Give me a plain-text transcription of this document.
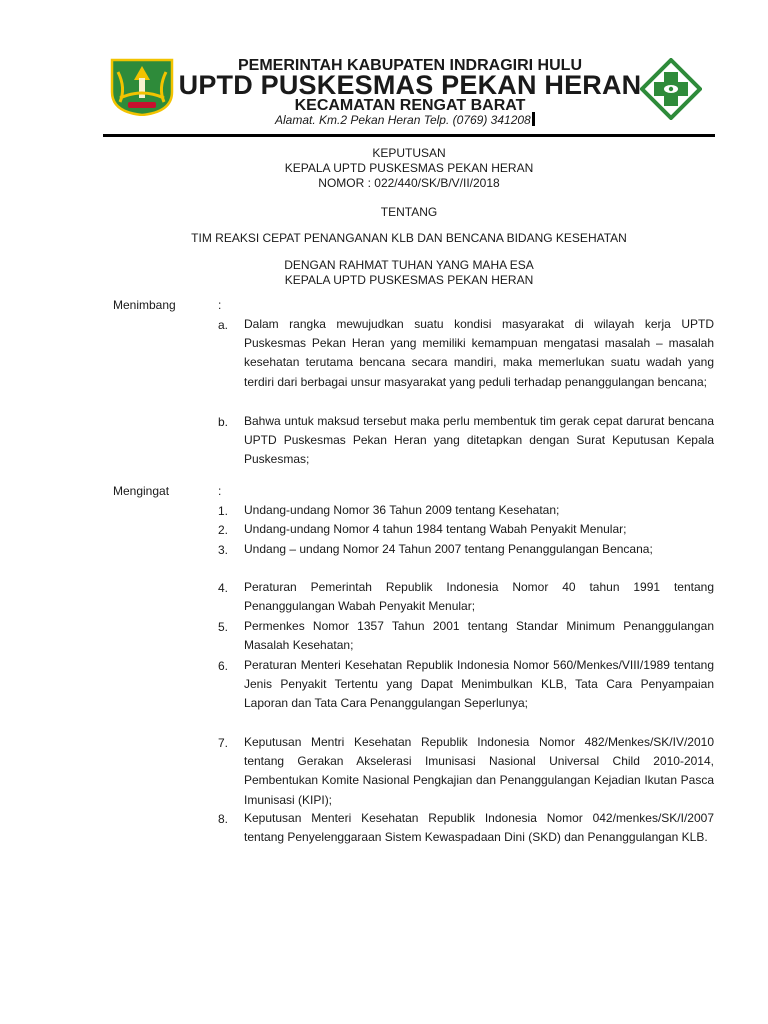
PEMERINTAH KABUPATEN INDRAGIRI HULU
UPTD PUSKESMAS PEKAN HERAN
KECAMATAN RENGAT BARAT
Alamat. Km.2 Pekan Heran Telp. (0769) 341208
KEPUTUSAN
KEPALA UPTD PUSKESMAS PEKAN HERAN
NOMOR : 022/440/SK/B/V/II/2018
TENTANG
TIM REAKSI CEPAT PENANGANAN KLB DAN BENCANA BIDANG KESEHATAN
DENGAN RAHMAT TUHAN YANG MAHA ESA
KEPALA UPTD PUSKESMAS PEKAN HERAN
Menimbang	:
a. Dalam rangka mewujudkan suatu kondisi masyarakat di wilayah kerja UPTD Puskesmas Pekan Heran yang memiliki kemampuan mengatasi masalah – masalah kesehatan terutama bencana secara mandiri, maka memerlukan suatu wadah yang terdiri dari berbagai unsur masyarakat yang peduli terhadap penanggulangan bencana;
b. Bahwa untuk maksud tersebut maka perlu membentuk tim gerak cepat darurat bencana UPTD Puskesmas Pekan Heran yang ditetapkan dengan Surat Keputusan Kepala Puskesmas;
Mengingat	:
1. Undang-undang Nomor 36 Tahun 2009 tentang Kesehatan;
2. Undang-undang Nomor 4 tahun 1984 tentang Wabah Penyakit Menular;
3. Undang – undang Nomor 24 Tahun 2007 tentang Penanggulangan Bencana;
4. Peraturan Pemerintah Republik Indonesia Nomor 40 tahun 1991 tentang Penanggulangan Wabah Penyakit Menular;
5. Permenkes Nomor 1357 Tahun 2001 tentang Standar Minimum Penanggulangan Masalah Kesehatan;
6. Peraturan Menteri Kesehatan Republik Indonesia Nomor 560/Menkes/VIII/1989 tentang Jenis Penyakit Tertentu yang Dapat Menimbulkan KLB, Tata Cara Penyampaian Laporan dan Tata Cara Penanggulangan Seperlunya;
7. Keputusan Mentri Kesehatan Republik Indonesia Nomor 482/Menkes/SK/IV/2010 tentang Gerakan Akselerasi Imunisasi Nasional Universal Child 2010-2014, Pembentukan Komite Nasional Pengkajian dan Penanggulangan Kejadian Ikutan Pasca Imunisasi (KIPI);
8. Keputusan Menteri Kesehatan Republik Indonesia Nomor 042/menkes/SK/I/2007 tentang Penyelenggaraan Sistem Kewaspadaan Dini (SKD) dan Penanggulangan KLB.
